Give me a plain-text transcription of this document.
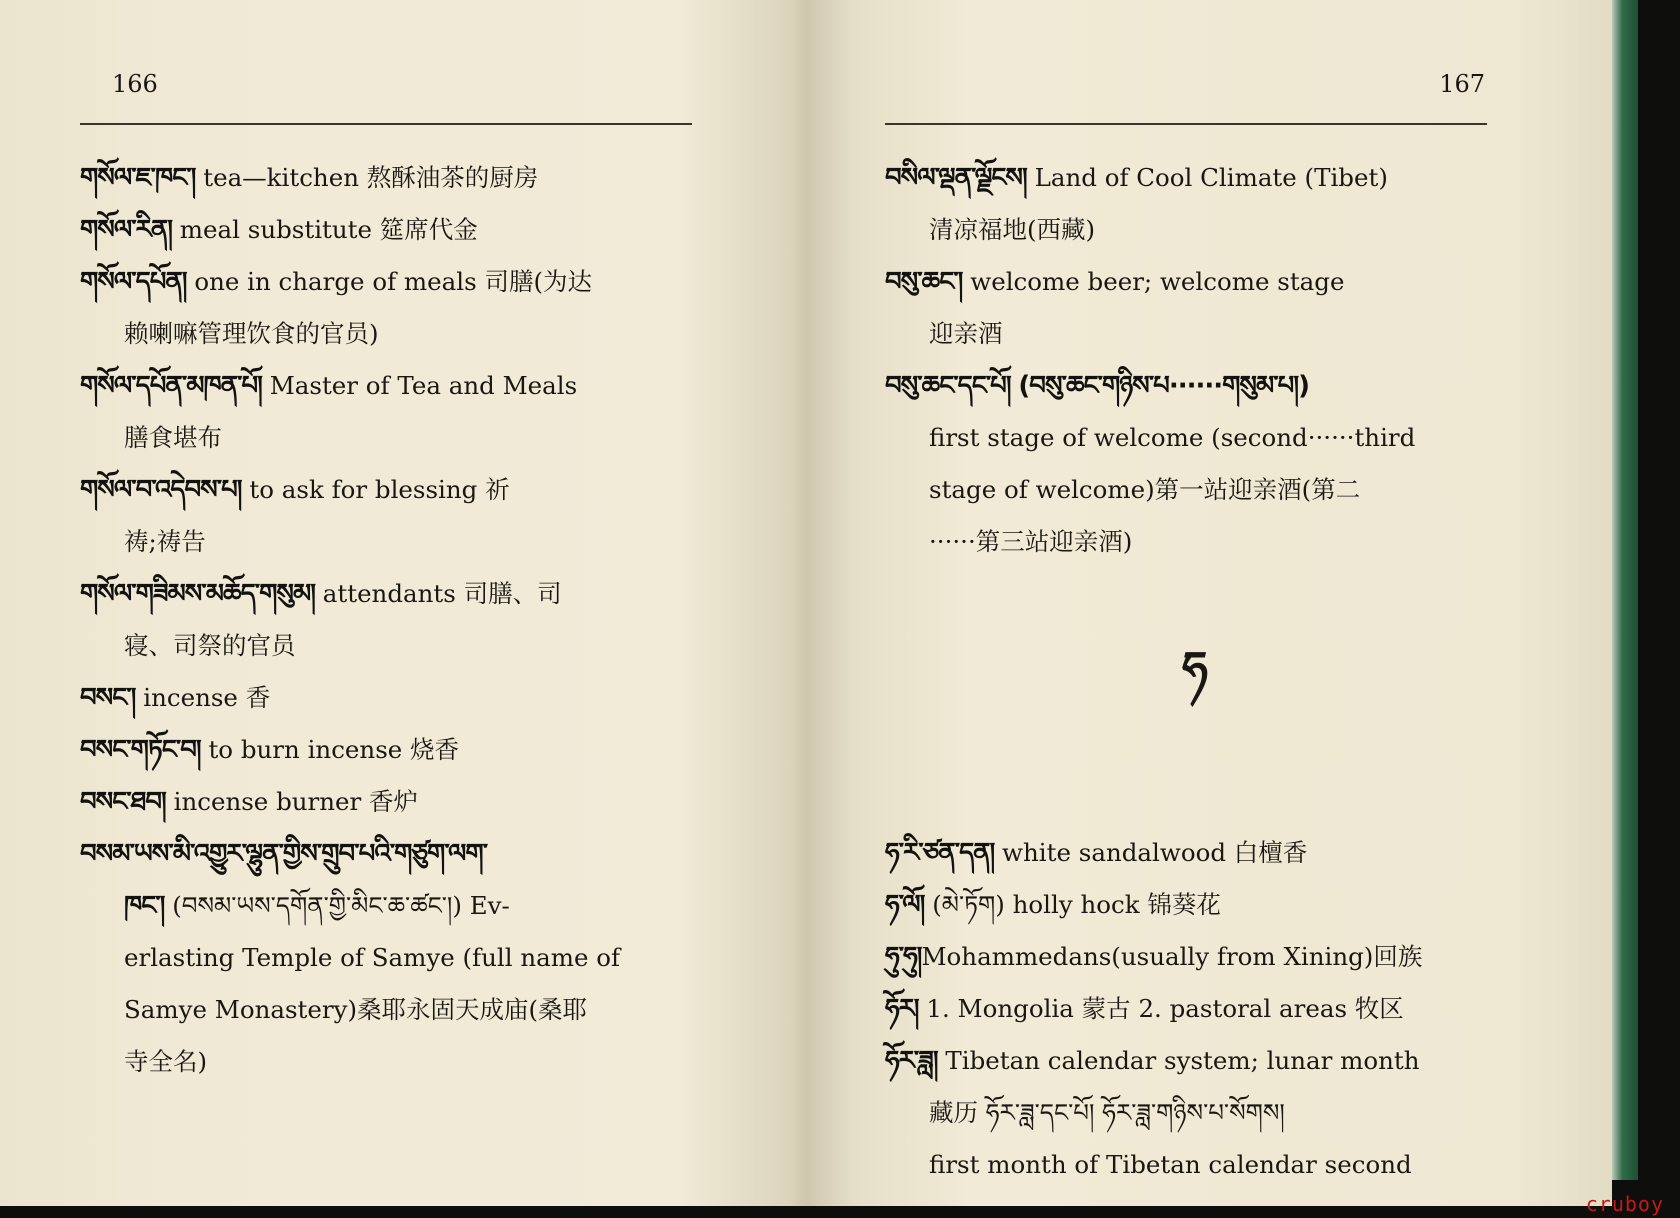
166
གསོལ་ཇ་ཁང་། tea—kitchen 熬酥油茶的厨房
གསོལ་རིན། meal substitute 筵席代金
གསོལ་དཔོན། one in charge of meals 司膳(为达
赖喇嘛管理饮食的官员)
གསོལ་དཔོན་མཁན་པོ། Master of Tea and Meals
膳食堪布
གསོལ་བ་འདེབས་པ། to ask for blessing 祈
祷;祷告
གསོལ་གཟིམས་མཆོད་གསུམ། attendants 司膳、司
寝、司祭的官员
བསང་། incense 香
བསང་གཏོང་བ། to burn incense 烧香
བསང་ཐབ། incense burner 香炉
བསམ་ཡས་མི་འགྱུར་ལྷུན་གྱིས་གྲུབ་པའི་གཙུག་ལག་
ཁང་། (བསམ་ཡས་དགོན་གྱི་མིང་ཆ་ཚང་།) Ev-
erlasting Temple of Samye (full name of
Samye Monastery)桑耶永固天成庙(桑耶
寺全名)
167
བསིལ་ལྡན་ལྗོངས། Land of Cool Climate (Tibet)
清凉福地(西藏)
བསུ་ཆང་། welcome beer; welcome stage
迎亲酒
བསུ་ཆང་དང་པོ། (བསུ་ཆང་གཉིས་པ······གསུམ་པ།)
first stage of welcome (second······third
stage of welcome)第一站迎亲酒(第二
······第三站迎亲酒)
ཧ
ཧ་རི་ཙན་དན། white sandalwood 白檀香
ཧ་ལོ། (མེ་ཏོག) holly hock 锦葵花
ཧུ་ཧུ།Mohammedans(usually from Xining)回族
ཧོར། 1. Mongolia 蒙古 2. pastoral areas 牧区
ཧོར་ཟླ། Tibetan calendar system; lunar month
藏历 ཧོར་ཟླ་དང་པོ། ཧོར་ཟླ་གཉིས་པ་སོགས།
first month of Tibetan calendar second
cruboy
